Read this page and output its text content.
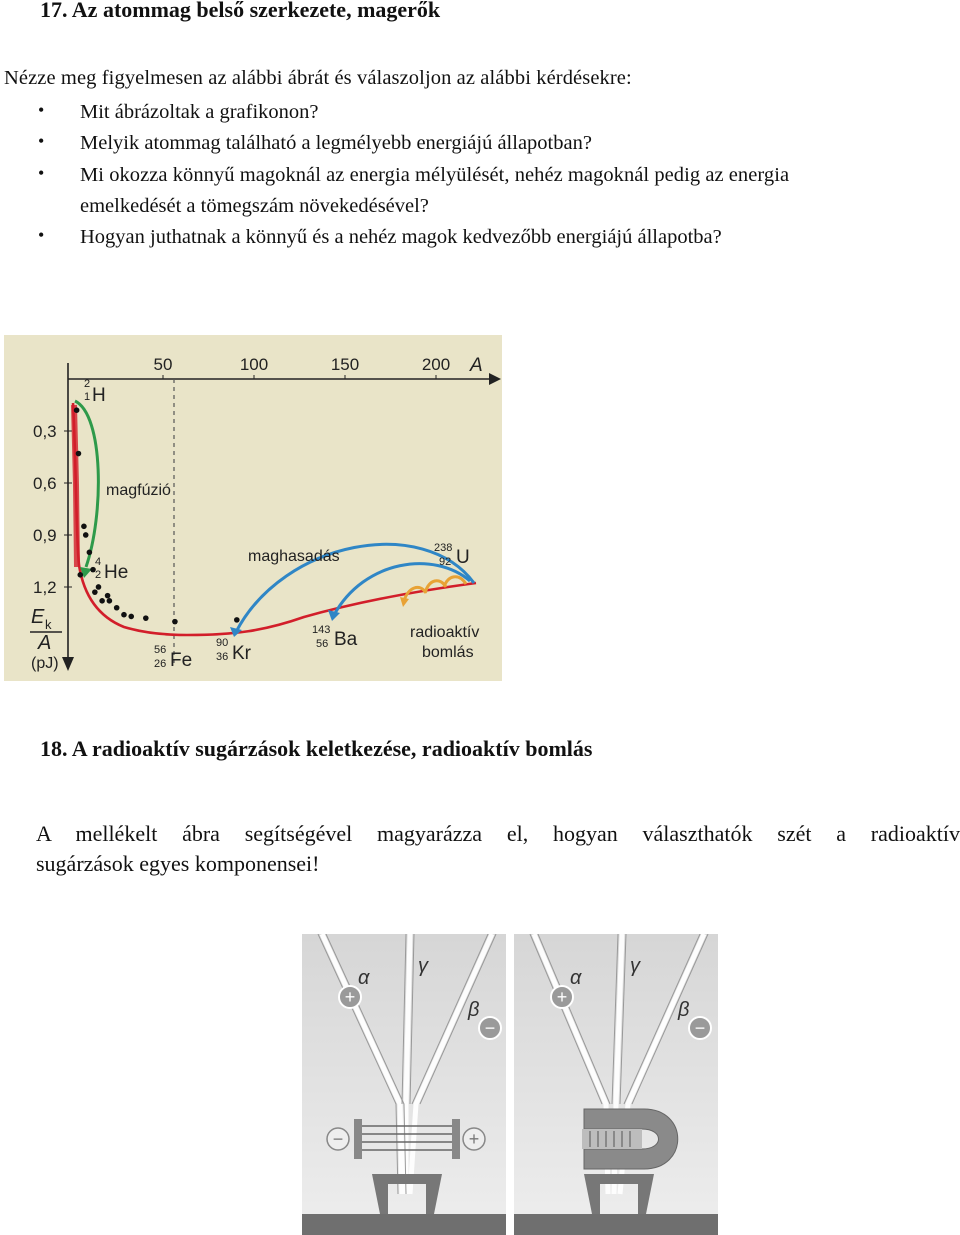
17. Az atommag belső szerkezete, magerők
Nézze meg figyelmesen az alábbi ábrát és válaszoljon az alábbi kérdésekre:
• Mit ábrázoltak a grafikonon?
• Melyik atommag található a legmélyebb energiájú állapotban?
• Mi okozza könnyű magoknál az energia mélyülését, nehéz magoknál pedig az energia
emelkedését a tömegszám növekedésével?
• Hogyan juthatnak a könnyű és a nehéz magok kedvezőbb energiájú állapotba?
50	100	150	200 A
0,3
0,6
0,9
1,2
E k
A
(pJ)
2
1 H
4
2 He
56
26 Fe
90
36 Kr
143
56 Ba
238
92 U
magfúzió
maghasadás
radioaktív
bomlás
18. A radioaktív sugárzások keletkezése, radioaktív bomlás
A mellékelt ábra segítségével magyarázza el, hogyan választhatók szét a radioaktív
sugárzások egyes komponensei!
−	+
+
−
α
γ
β
+
−
α
γ
β
